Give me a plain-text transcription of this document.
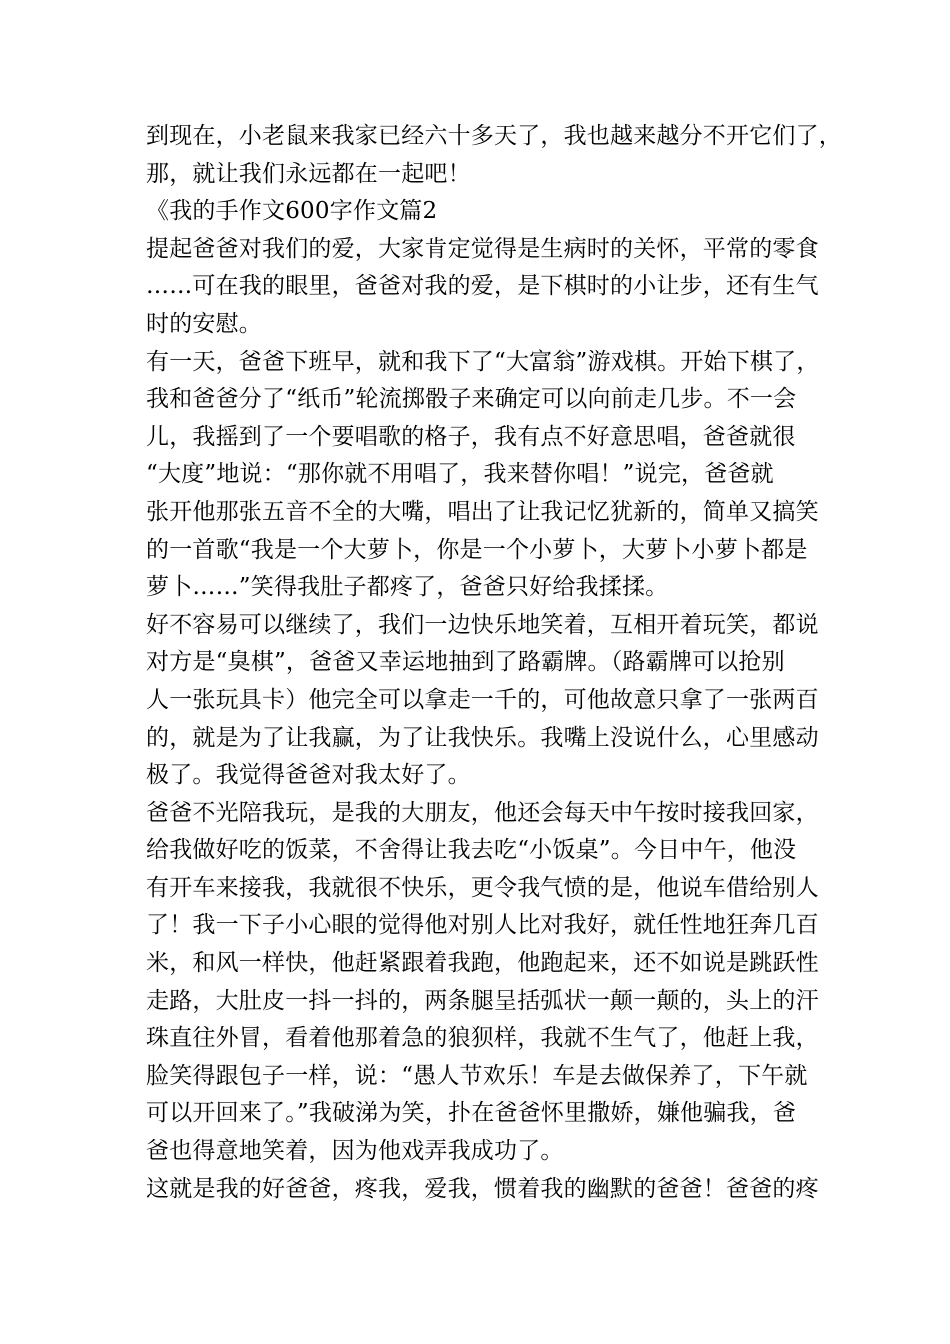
到现在，小老鼠来我家已经六十多天了，我也越来越分不开它们了，
那，就让我们永远都在一起吧！
《我的手作文600字作文篇2
提起爸爸对我们的爱，大家肯定觉得是生病时的关怀，平常的零食
……可在我的眼里，爸爸对我的爱，是下棋时的小让步，还有生气
时的安慰。
有一天，爸爸下班早，就和我下了“大富翁”游戏棋。开始下棋了，
我和爸爸分了“纸币”轮流掷骰子来确定可以向前走几步。不一会
儿，我摇到了一个要唱歌的格子，我有点不好意思唱，爸爸就很
“大度”地说：“那你就不用唱了，我来替你唱！”说完，爸爸就
张开他那张五音不全的大嘴，唱出了让我记忆犹新的，简单又搞笑
的一首歌“我是一个大萝卜，你是一个小萝卜，大萝卜小萝卜都是
萝卜……”笑得我肚子都疼了，爸爸只好给我揉揉。
好不容易可以继续了，我们一边快乐地笑着，互相开着玩笑，都说
对方是“臭棋”，爸爸又幸运地抽到了路霸牌。（路霸牌可以抢别
人一张玩具卡）他完全可以拿走一千的，可他故意只拿了一张两百
的，就是为了让我赢，为了让我快乐。我嘴上没说什么，心里感动
极了。我觉得爸爸对我太好了。
爸爸不光陪我玩，是我的大朋友，他还会每天中午按时接我回家，
给我做好吃的饭菜，不舍得让我去吃“小饭桌”。今日中午，他没
有开车来接我，我就很不快乐，更令我气愤的是，他说车借给别人
了！我一下子小心眼的觉得他对别人比对我好，就任性地狂奔几百
米，和风一样快，他赶紧跟着我跑，他跑起来，还不如说是跳跃性
走路，大肚皮一抖一抖的，两条腿呈括弧状一颠一颠的，头上的汗
珠直往外冒，看着他那着急的狼狈样，我就不生气了，他赶上我，
脸笑得跟包子一样，说：“愚人节欢乐！车是去做保养了，下午就
可以开回来了。”我破涕为笑，扑在爸爸怀里撒娇，嫌他骗我，爸
爸也得意地笑着，因为他戏弄我成功了。
这就是我的好爸爸，疼我，爱我，惯着我的幽默的爸爸！爸爸的疼
